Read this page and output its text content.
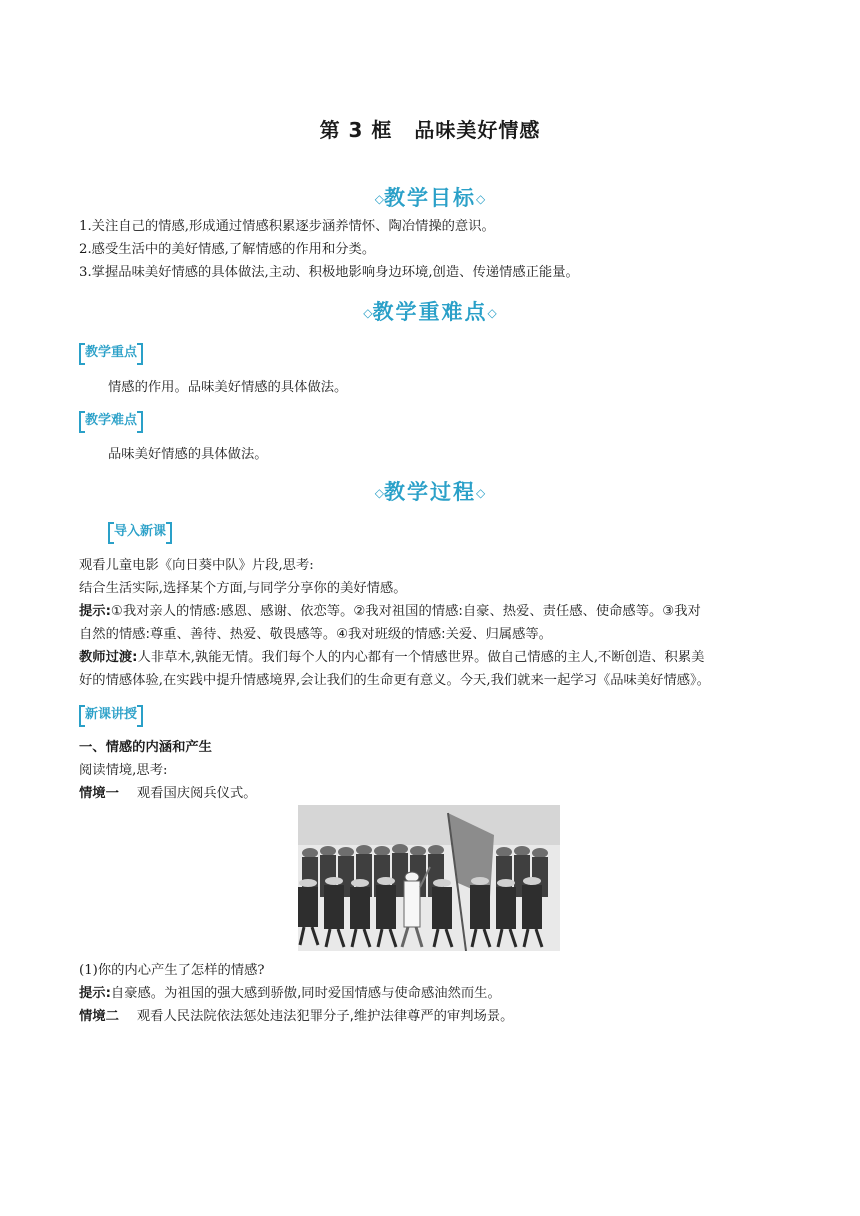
第 3 框 品味美好情感
◇教学目标◇
1.关注自己的情感,形成通过情感积累逐步涵养情怀、陶冶情操的意识。
2.感受生活中的美好情感,了解情感的作用和分类。
3.掌握品味美好情感的具体做法,主动、积极地影响身边环境,创造、传递情感正能量。
◇教学重难点◇
教学重点
情感的作用。品味美好情感的具体做法。
教学难点
品味美好情感的具体做法。
◇教学过程◇
导入新课
观看儿童电影《向日葵中队》片段,思考:
结合生活实际,选择某个方面,与同学分享你的美好情感。
提示:①我对亲人的情感:感恩、感谢、依恋等。②我对祖国的情感:自豪、热爱、责任感、使命感等。③我对
自然的情感:尊重、善待、热爱、敬畏感等。④我对班级的情感:关爱、归属感等。
教师过渡:人非草木,孰能无情。我们每个人的内心都有一个情感世界。做自己情感的主人,不断创造、积累美
好的情感体验,在实践中提升情感境界,会让我们的生命更有意义。今天,我们就来一起学习《品味美好情感》。
新课讲授
一、情感的内涵和产生
阅读情境,思考:
情境一 观看国庆阅兵仪式。
(1)你的内心产生了怎样的情感?
提示:自豪感。为祖国的强大感到骄傲,同时爱国情感与使命感油然而生。
情境二 观看人民法院依法惩处违法犯罪分子,维护法律尊严的审判场景。
